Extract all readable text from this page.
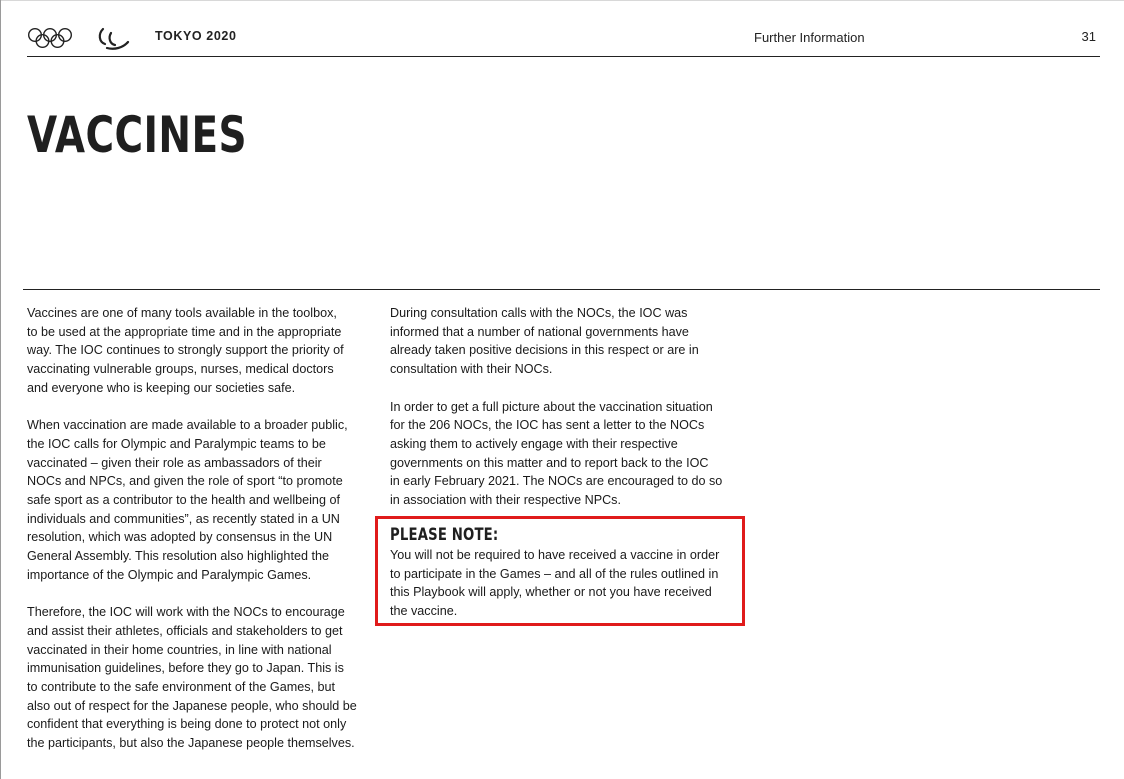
TOKYO 2020	Further Information	31
VACCINES

Vaccines are one of many tools available in the toolbox,
to be used at the appropriate time and in the appropriate
way. The IOC continues to strongly support the priority of
vaccinating vulnerable groups, nurses, medical doctors
and everyone who is keeping our societies safe.

When vaccination are made available to a broader public,
the IOC calls for Olympic and Paralympic teams to be
vaccinated – given their role as ambassadors of their
NOCs and NPCs, and given the role of sport “to promote
safe sport as a contributor to the health and wellbeing of
individuals and communities”, as recently stated in a UN
resolution, which was adopted by consensus in the UN
General Assembly. This resolution also highlighted the
importance of the Olympic and Paralympic Games.

Therefore, the IOC will work with the NOCs to encourage
and assist their athletes, officials and stakeholders to get
vaccinated in their home countries, in line with national
immunisation guidelines, before they go to Japan. This is
to contribute to the safe environment of the Games, but
also out of respect for the Japanese people, who should be
confident that everything is being done to protect not only
the participants, but also the Japanese people themselves.

During consultation calls with the NOCs, the IOC was
informed that a number of national governments have
already taken positive decisions in this respect or are in
consultation with their NOCs.

In order to get a full picture about the vaccination situation
for the 206 NOCs, the IOC has sent a letter to the NOCs
asking them to actively engage with their respective
governments on this matter and to report back to the IOC
in early February 2021. The NOCs are encouraged to do so
in association with their respective NPCs.

PLEASE NOTE:

You will not be required to have received a vaccine in order
to participate in the Games – and all of the rules outlined in
this Playbook will apply, whether or not you have received
the vaccine.
